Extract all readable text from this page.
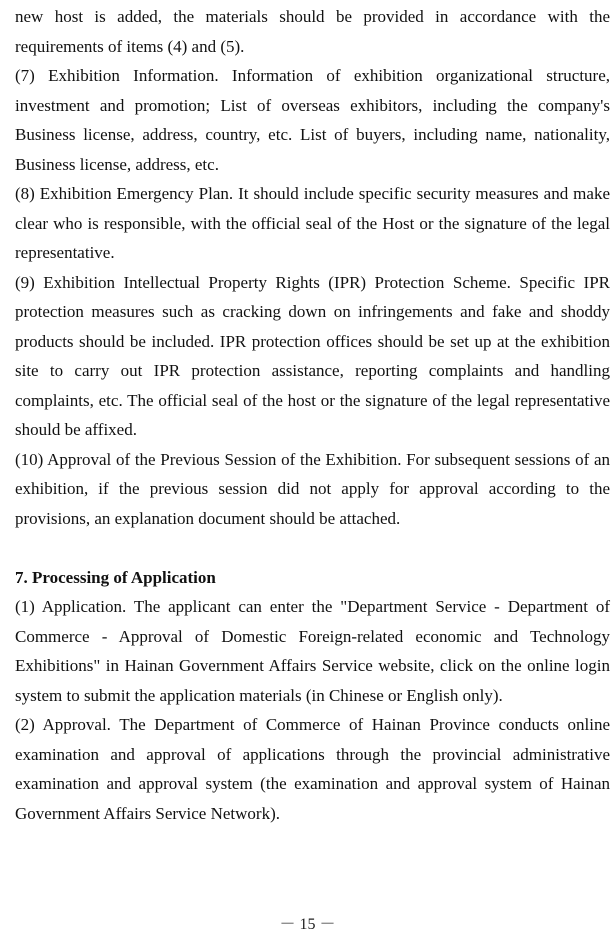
new host is added, the materials should be provided in accordance with the requirements of items (4) and (5).

(7) Exhibition Information. Information of exhibition organizational structure, investment and promotion; List of overseas exhibitors, including the company's Business license, address, country, etc. List of buyers, including name, nationality, Business license, address, etc.

(8) Exhibition Emergency Plan. It should include specific security measures and make clear who is responsible, with the official seal of the Host or the signature of the legal representative.

(9) Exhibition Intellectual Property Rights (IPR) Protection Scheme. Specific IPR protection measures such as cracking down on infringements and fake and shoddy products should be included. IPR protection offices should be set up at the exhibition site to carry out IPR protection assistance, reporting complaints and handling complaints, etc. The official seal of the host or the signature of the legal representative should be affixed.

(10) Approval of the Previous Session of the Exhibition. For subsequent sessions of an exhibition, if the previous session did not apply for approval according to the provisions, an explanation document should be attached.

7. Processing of Application

(1) Application. The applicant can enter the "Department Service - Department of Commerce - Approval of Domestic Foreign-related economic and Technology Exhibitions" in Hainan Government Affairs Service website, click on the online login system to submit the application materials (in Chinese or English only).

(2) Approval. The Department of Commerce of Hainan Province conducts online examination and approval of applications through the provincial administrative examination and approval system (the examination and approval system of Hainan Government Affairs Service Network).

－ 15 －
